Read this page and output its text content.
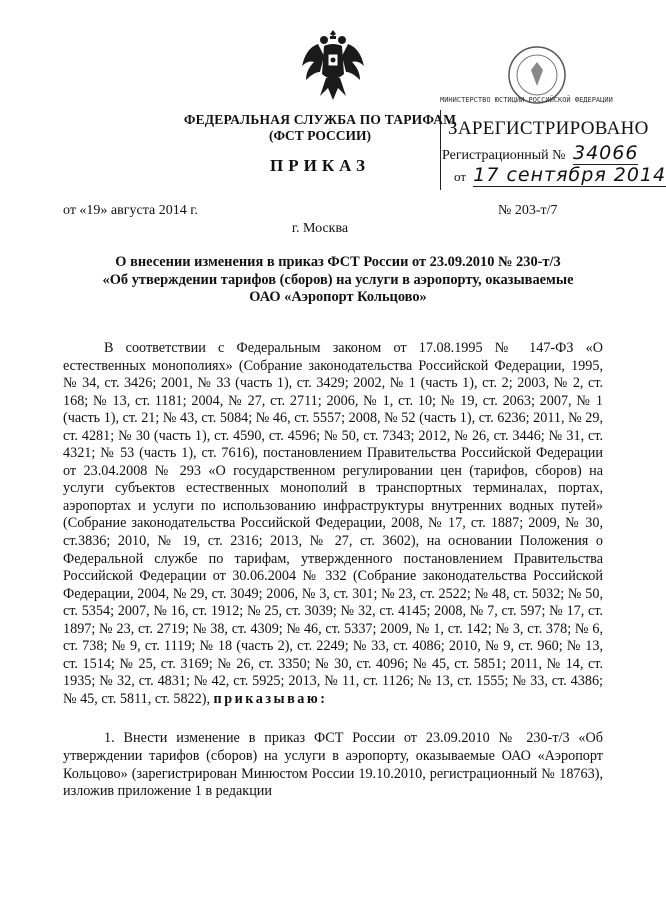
МИНИСТЕРСТВО ЮСТИЦИИ РОССИЙСКОЙ ФЕДЕРАЦИИ
ЗАРЕГИСТРИРОВАНО
Регистрационный № 34066
от 17 сентября 2014
ФЕДЕРАЛЬНАЯ СЛУЖБА ПО ТАРИФАМ
(ФСТ РОССИИ)
ПРИКАЗ
от «19» августа 2014 г.	№ 203-т/7
г. Москва
О внесении изменения в приказ ФСТ России от 23.09.2010 № 230-т/3
«Об утверждении тарифов (сборов) на услуги в аэропорту, оказываемые
ОАО «Аэропорт Кольцово»

В соответствии с Федеральным законом от 17.08.1995 № 147-ФЗ «О естественных монополиях» (Собрание законодательства Российской Федерации, 1995, № 34, ст. 3426; 2001, № 33 (часть 1), ст. 3429; 2002, № 1 (часть 1), ст. 2; 2003, № 2, ст. 168; № 13, ст. 1181; 2004, № 27, ст. 2711; 2006, № 1, ст. 10; № 19, ст. 2063; 2007, № 1 (часть 1), ст. 21; № 43, ст. 5084; № 46, ст. 5557; 2008, № 52 (часть 1), ст. 6236; 2011, № 29, ст. 4281; № 30 (часть 1), ст. 4590, ст. 4596; № 50, ст. 7343; 2012, № 26, ст. 3446; № 31, ст. 4321; № 53 (часть 1), ст. 7616), постановлением Правительства Российской Федерации от 23.04.2008 № 293 «О государственном регулировании цен (тарифов, сборов) на услуги субъектов естественных монополий в транспортных терминалах, портах, аэропортах и услуги по использованию инфраструктуры внутренних водных путей» (Собрание законодательства Российской Федерации, 2008, № 17, ст. 1887; 2009, № 30, ст.3836; 2010, № 19, ст. 2316; 2013, № 27, ст. 3602), на основании Положения о Федеральной службе по тарифам, утвержденного постановлением Правительства Российской Федерации от 30.06.2004 № 332 (Собрание законодательства Российской Федерации, 2004, № 29, ст. 3049; 2006, № 3, ст. 301; № 23, ст. 2522; № 48, ст. 5032; № 50, ст. 5354; 2007, № 16, ст. 1912; № 25, ст. 3039; № 32, ст. 4145; 2008, № 7, ст. 597; № 17, ст. 1897; № 23, ст. 2719; № 38, ст. 4309; № 46, ст. 5337; 2009, № 1, ст. 142; № 3, ст. 378; № 6, ст. 738; № 9, ст. 1119; № 18 (часть 2), ст. 2249; № 33, ст. 4086; 2010, № 9, ст. 960; № 13, ст. 1514; № 25, ст. 3169; № 26, ст. 3350; № 30, ст. 4096; № 45, ст. 5851; 2011, № 14, ст. 1935; № 32, ст. 4831; № 42, ст. 5925; 2013, № 11, ст. 1126; № 13, ст. 1555; № 33, ст. 4386; № 45, ст. 5811, ст. 5822), приказываю:

1. Внести изменение в приказ ФСТ России от 23.09.2010 № 230-т/3 «Об утверждении тарифов (сборов) на услуги в аэропорту, оказываемые ОАО «Аэропорт Кольцово» (зарегистрирован Минюстом России 19.10.2010, регистрационный № 18763), изложив приложение 1 в редакции
